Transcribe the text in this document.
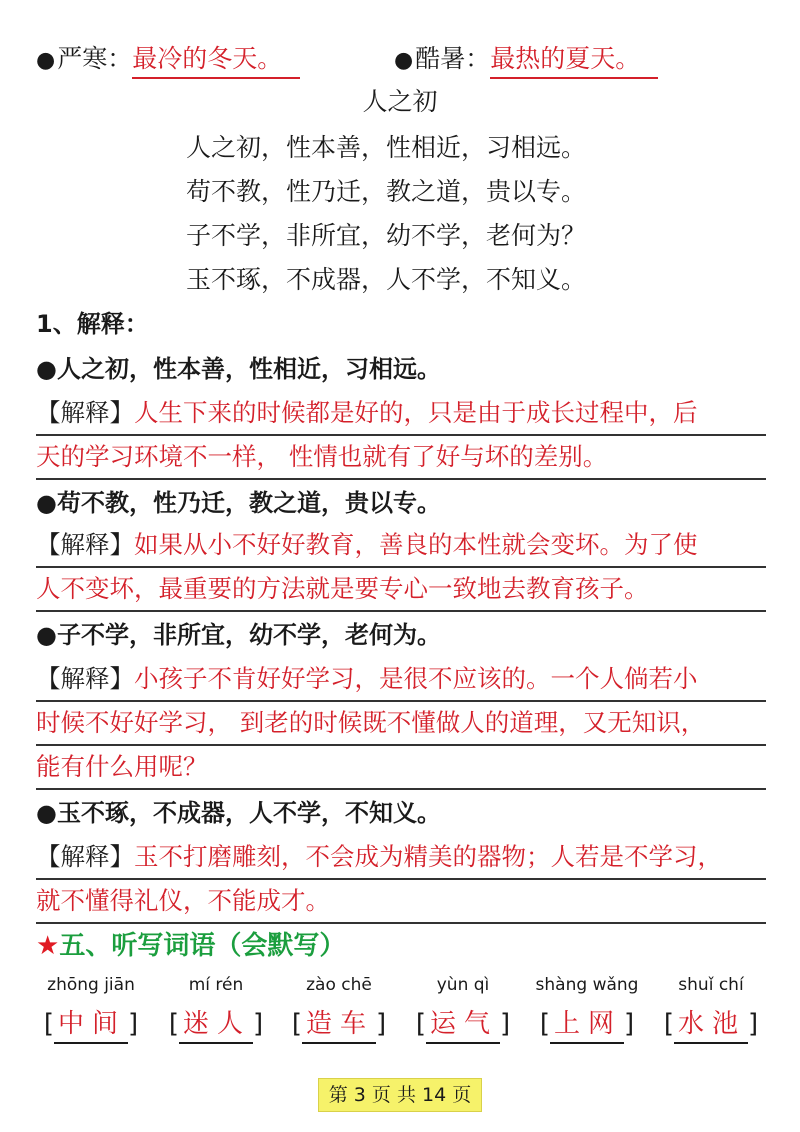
●严寒：最冷的冬天。	●酷暑：最热的夏天。
人之初
人之初，性本善，性相近，习相远。
苟不教，性乃迁，教之道，贵以专。
子不学，非所宜，幼不学，老何为？
玉不琢，不成器，人不学，不知义。
1、解释：
●人之初，性本善，性相近，习相远。
【解释】人生下来的时候都是好的，只是由于成长过程中，后
天的学习环境不一样， 性情也就有了好与坏的差别。
●苟不教，性乃迁，教之道，贵以专。
【解释】如果从小不好好教育，善良的本性就会变坏。为了使
人不变坏，最重要的方法就是要专心一致地去教育孩子。
●子不学，非所宜，幼不学，老何为。
【解释】小孩子不肯好好学习，是很不应该的。一个人倘若小
时候不好好学习， 到老的时候既不懂做人的道理，又无知识，
能有什么用呢？
●玉不琢，不成器，人不学，不知义。
【解释】玉不打磨雕刻，不会成为精美的器物；人若是不学习，
就不懂得礼仪，不能成才。
★五、听写词语（会默写）
zhōng jiān
[ 中间]
mí rén
[ 迷人]
zào chē
[ 造车]
yùn qì
[ 运气]
shàng wǎng
[ 上网]
shuǐ chí
[ 水池]
第 3 页 共 14 页
